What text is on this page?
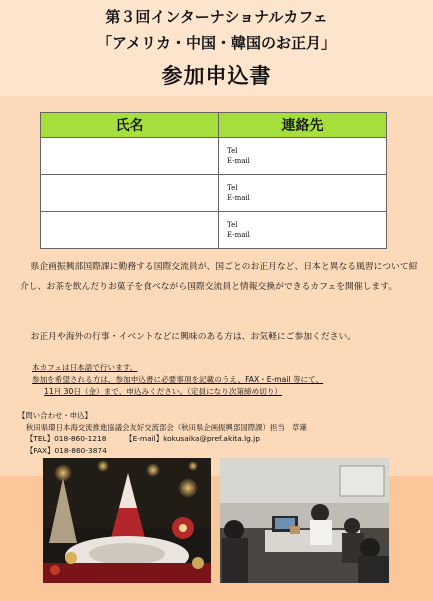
第３回インターナショナルカフェ
「アメリカ・中国・韓国のお正月」
参加申込書
氏名	連絡先

	Tel
E-mail

	Tel
E-mail

	Tel
E-mail
県企画振興部国際課に勤務する国際交流員が、国ごとのお正月など、日本と異なる風習について紹介し、お茶を飲んだりお菓子を食べながら国際交流員と情報交換ができるカフェを開催します。
お正月や海外の行事・イベントなどに興味のある方は、お気軽にご参加ください。
本カフェは日本語で行います。
参加を希望される方は、参加申込書に必要事項を記載のうえ、FAX・E-mail 等にて、
11月 30日（金）まで、申込みください。（定員になり次第締め切り）
【問い合わせ・申込】
秋田県環日本海交流推進協議会友好交流部会（秋田県企画振興部国際課）担当　草薙
【TEL】018-860-1218	【E-mail】kokusaika@pref.akita.lg.jp
【FAX】018-860-3874
